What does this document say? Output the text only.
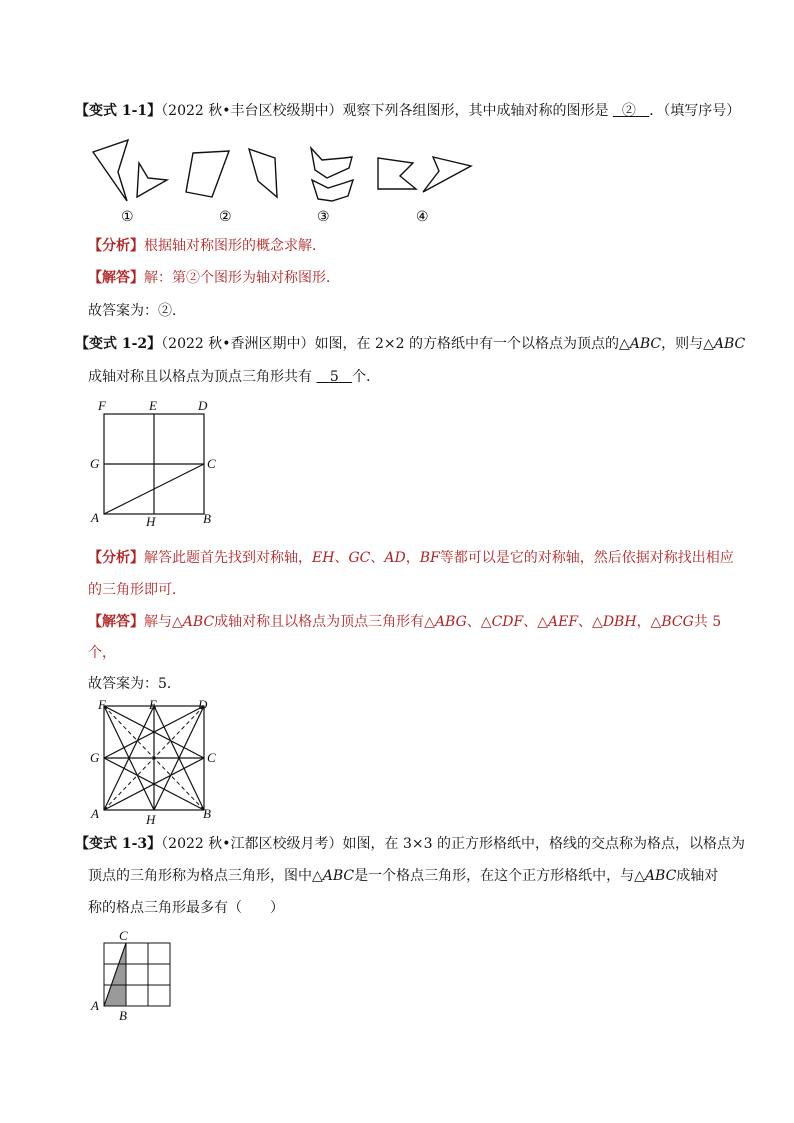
【变式 1-1】（2022 秋•丰台区校级期中）观察下列各组图形，其中成轴对称的图形是 ② ．（填写序号）
①	②	③	④
【分析】根据轴对称图形的概念求解．
【解答】解：第②个图形为轴对称图形．
故答案为：②．
【变式 1-2】（2022 秋•香洲区期中）如图，在 2×2 的方格纸中有一个以格点为顶点的△ABC，则与△ABC
成轴对称且以格点为顶点三角形共有 5 个．
F	E	D
G	C
A	H	B
【分析】解答此题首先找到对称轴，EH、GC、AD，BF等都可以是它的对称轴，然后依据对称找出相应
的三角形即可．
【解答】解与△ABC成轴对称且以格点为顶点三角形有△ABG、△CDF、△AEF、△DBH，△BCG共 5
个，
故答案为：5．
F	E	D
G	C
A	H	B
【变式 1-3】（2022 秋•江都区校级月考）如图，在 3×3 的正方形格纸中，格线的交点称为格点，以格点为
顶点的三角形称为格点三角形，图中△ABC是一个格点三角形，在这个正方形格纸中，与△ABC成轴对
称的格点三角形最多有（　　）
C
A
B
